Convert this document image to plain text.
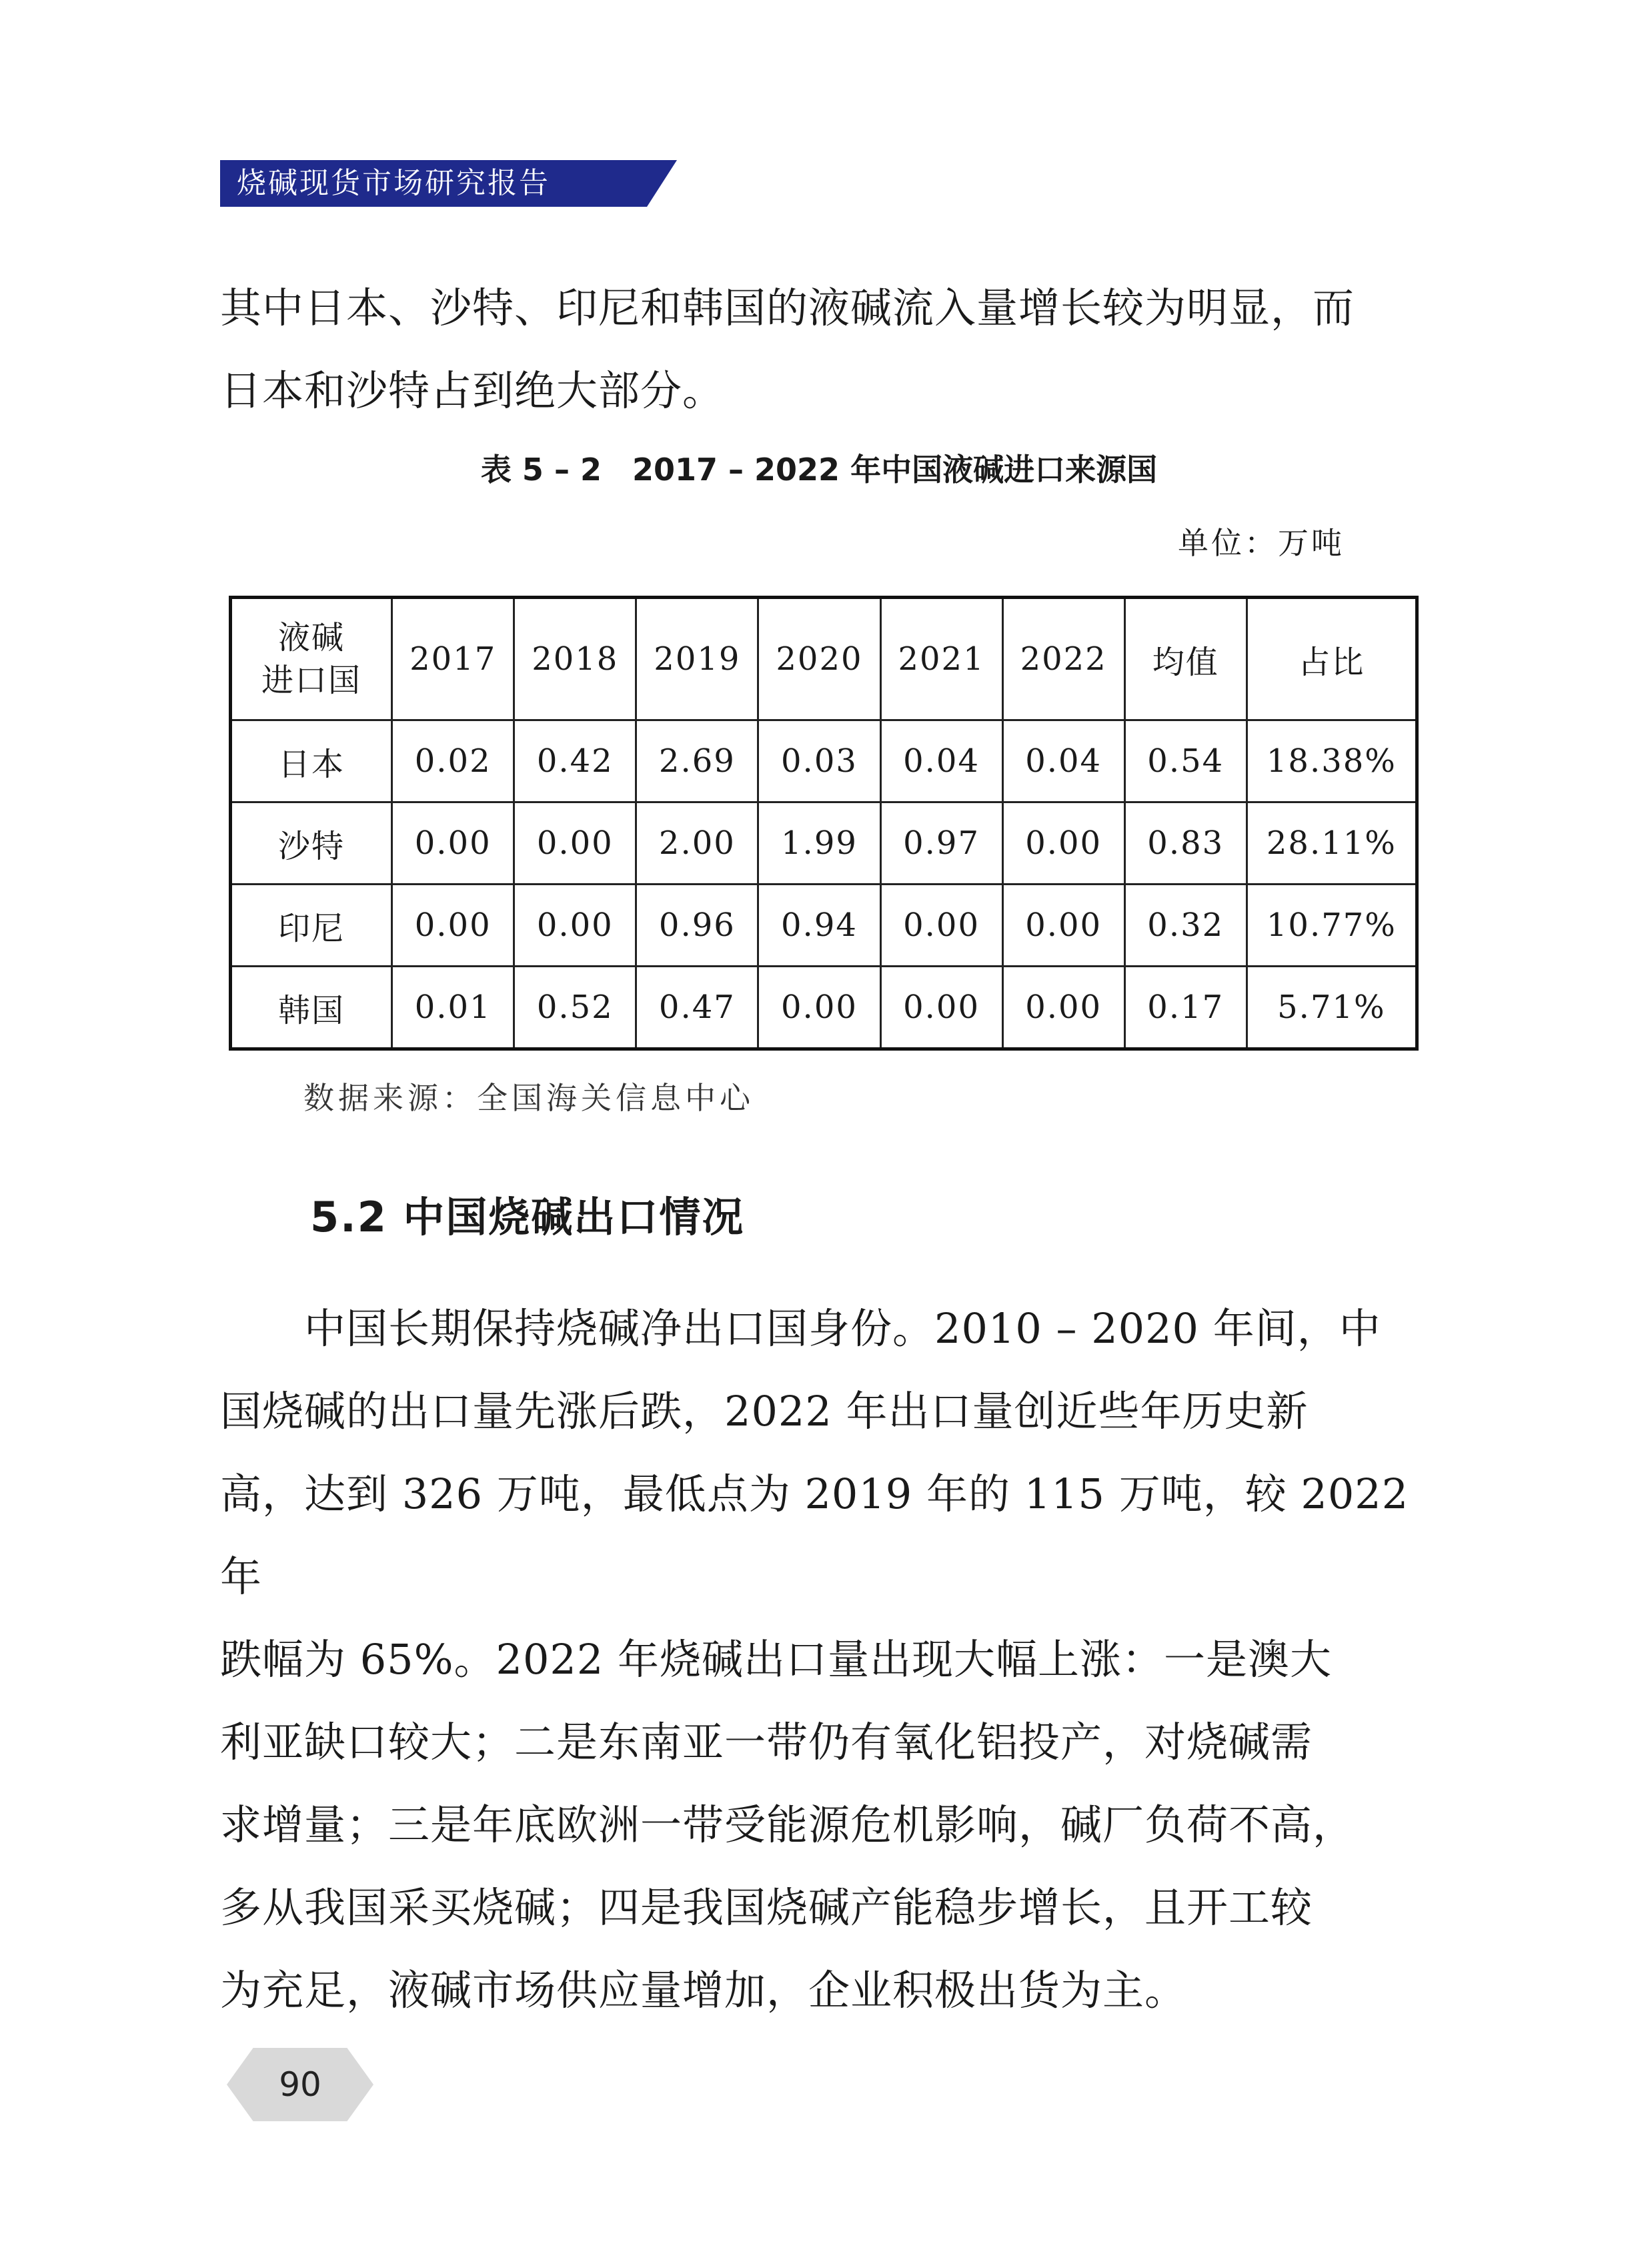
烧碱现货市场研究报告
其中日本、沙特、印尼和韩国的液碱流入量增长较为明显，而
日本和沙特占到绝大部分。
表 5 – 2　2017 – 2022 年中国液碱进口来源国
单位：万吨
液碱
进口国	2017	2018	2019	2020	2021	2022	均值	占比
日本	0.02	0.42	2.69	0.03	0.04	0.04	0.54	18.38%
沙特	0.00	0.00	2.00	1.99	0.97	0.00	0.83	28.11%
印尼	0.00	0.00	0.96	0.94	0.00	0.00	0.32	10.77%
韩国	0.01	0.52	0.47	0.00	0.00	0.00	0.17	5.71%
数据来源：全国海关信息中心
5.2 中国烧碱出口情况
　　中国长期保持烧碱净出口国身份。2010 – 2020 年间，中
国烧碱的出口量先涨后跌，2022 年出口量创近些年历史新
高，达到 326 万吨，最低点为 2019 年的 115 万吨，较 2022 年
跌幅为 65%。2022 年烧碱出口量出现大幅上涨：一是澳大
利亚缺口较大；二是东南亚一带仍有氧化铝投产，对烧碱需
求增量；三是年底欧洲一带受能源危机影响，碱厂负荷不高，
多从我国采买烧碱；四是我国烧碱产能稳步增长，且开工较
为充足，液碱市场供应量增加，企业积极出货为主。
90
